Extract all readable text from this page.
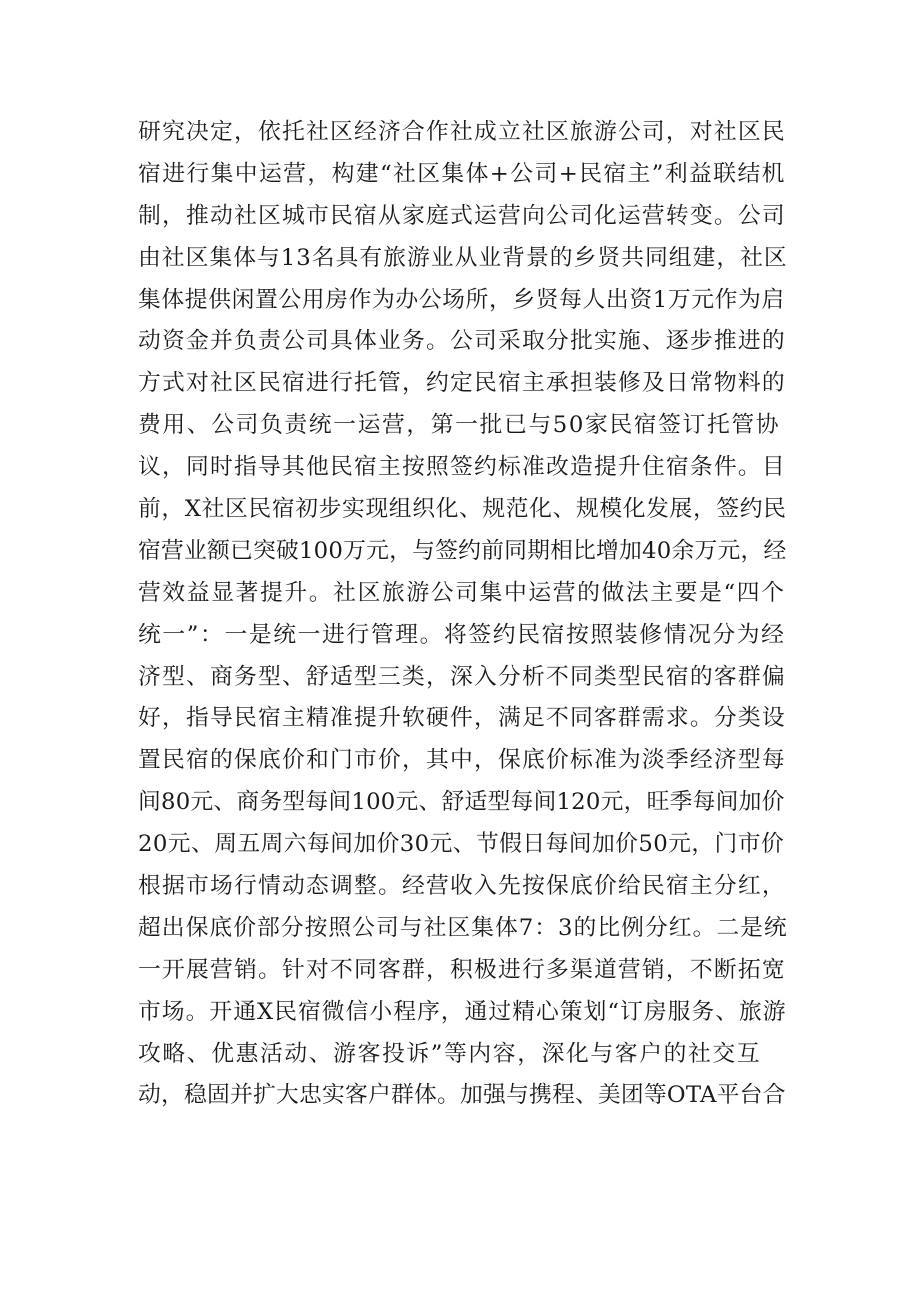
研究决定，依托社区经济合作社成立社区旅游公司，对社区民
宿进行集中运营，构建“社区集体+公司+民宿主”利益联结机
制，推动社区城市民宿从家庭式运营向公司化运营转变。公司
由社区集体与13名具有旅游业从业背景的乡贤共同组建，社区
集体提供闲置公用房作为办公场所，乡贤每人出资1万元作为启
动资金并负责公司具体业务。公司采取分批实施、逐步推进的
方式对社区民宿进行托管，约定民宿主承担装修及日常物料的
费用、公司负责统一运营，第一批已与50家民宿签订托管协
议，同时指导其他民宿主按照签约标准改造提升住宿条件。目
前，X社区民宿初步实现组织化、规范化、规模化发展，签约民
宿营业额已突破100万元，与签约前同期相比增加40余万元，经
营效益显著提升。社区旅游公司集中运营的做法主要是“四个
统一”：一是统一进行管理。将签约民宿按照装修情况分为经
济型、商务型、舒适型三类，深入分析不同类型民宿的客群偏
好，指导民宿主精准提升软硬件，满足不同客群需求。分类设
置民宿的保底价和门市价，其中，保底价标准为淡季经济型每
间80元、商务型每间100元、舒适型每间120元，旺季每间加价
20元、周五周六每间加价30元、节假日每间加价50元，门市价
根据市场行情动态调整。经营收入先按保底价给民宿主分红，
超出保底价部分按照公司与社区集体7：3的比例分红。二是统
一开展营销。针对不同客群，积极进行多渠道营销，不断拓宽
市场。开通X民宿微信小程序，通过精心策划“订房服务、旅游
攻略、优惠活动、游客投诉”等内容，深化与客户的社交互
动，稳固并扩大忠实客户群体。加强与携程、美团等OTA平台合
